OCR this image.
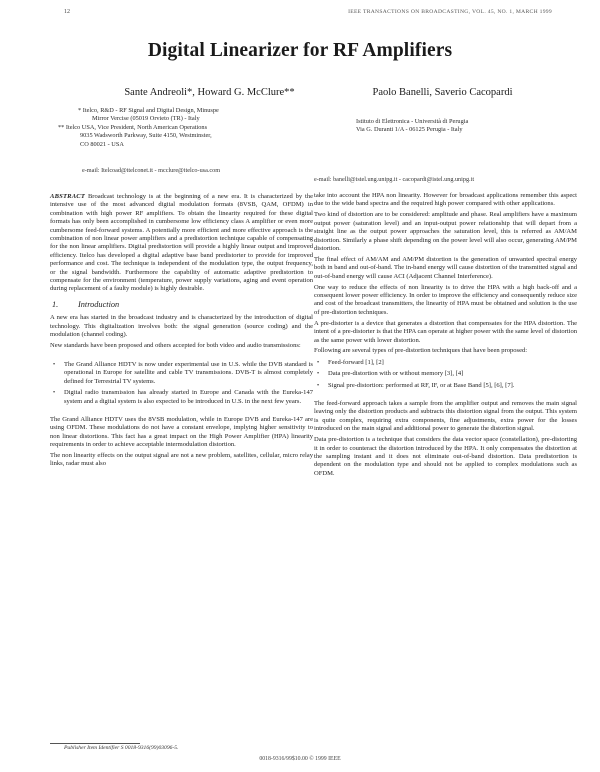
12	IEEE TRANSACTIONS ON BROADCASTING, VOL. 45, NO. 1, MARCH 1999
Digital Linearizer for RF Amplifiers
Sante Andreoli*, Howard G. McClure**	Paolo Banelli, Saverio Cacopardi
* Itelco, R&D - RF Signal and Digital Design, Minuspe
Mirror Vercise (05019 Orvieto (TR) - Italy
** Itelco USA, Vice President, North American Operations
9035 Wadsworth Parkway, Suite 4150, Westminster,
CO 80021 - USA
Istituto di Elettronica - Università di Perugia
Via G. Duranti 1/A - 06125 Perugia - Italy
e-mail: Itelcoad@itelconet.it - mcclure@itelco-usa.com
e-mail: banelli@istel.ung.unipg.it - cacopardi@istel.ung.unipg.it

ABSTRACT Broadcast technology is at the beginning of a new era. It is characterized by the intensive use of the most advanced digital modulation formats (8VSB, QAM, OFDM) in combination with high power RF amplifiers. To obtain the linearity required for these digital formats has only been accomplished in cumbersome low efficiency class A amplifier or even more cumbersome feed-forward systems. A potentially more efficient and more effective approach is the combination of non linear power amplifiers and a predistortion technique capable of compensating for the non linear amplifiers. Digital predistortion will provide a highly linear output and improved efficiency. Itelco has developed a digital adaptive base band predistorter to provide for improved performance and cost. The technique is independent of the modulation type, the output frequency, or the signal bandwidth. Furthermore the capability of automatic adaptive predistortion to compensate for the environment (temperature, power supply variations, aging and event operation during replacement of a faulty module) is highly desirable.

1. Introduction

A new era has started in the broadcast industry and is characterized by the introduction of digital technology. This digitalization involves both: the signal generation (source coding) and the modulation (channel coding).

New standards have been proposed and others accepted for both video and audio transmissions:

• The Grand Alliance HDTV is now under experimental use in U.S. while the DVB standard is operational in Europe for satellite and cable TV transmissions. DVB-T is almost completely defined for Terrestrial TV systems.
• Digital radio transmission has already started in Europe and Canada with the Eureka-147 system and a digital system is also expected to be introduced in U.S. in the next few years.

The Grand Alliance HDTV uses the 8VSB modulation, while in Europe DVB and Eureka-147 are using OFDM. These modulations do not have a constant envelope, implying higher sensitivity to non linear distortions. This fact has a great impact on the High Power Amplifier (HPA) linearity requirements in order to achieve acceptable intermodulation distortion.

The non linearity effects on the output signal are not a new problem, satellites, cellular, micro relay links, radar must also

take into account the HPA non linearity. However for broadcast applications remember this aspect due to the wide band spectra and the required high power compared with other applications.

Two kind of distortion are to be considered: amplitude and phase. Real amplifiers have a maximum output power (saturation level) and an input-output power relationship that will depart from a straight line as the output power approaches the saturation level, this is referred as AM/AM distortion. Similarly a phase shift depending on the power level will also occur, generating AM/PM distortion.

The final effect of AM/AM and AM/PM distortion is the generation of unwanted spectral energy both in band and out-of-band. The in-band energy will cause distortion of the transmitted signal and out-of-band energy will cause ACI (Adjacent Channel Interference).

One way to reduce the effects of non linearity is to drive the HPA with a high back-off and a consequent lower power efficiency. In order to improve the efficiency and consequently reduce size and cost of the broadcast transmitters, the linearity of HPA must be obtained and solution is the use of pre-distortion techniques.

A pre-distorter is a device that generates a distortion that compensates for the HPA distortion. The intent of a pre-distorter is that the HPA can operate at higher power with the same level of distortion as the same power with lower distortion.

Following are several types of pre-distortion techniques that have been proposed:

• Feed-forward [1], [2]
• Data pre-distortion with or without memory [3], [4]
• Signal pre-distortion: performed at RF, IF, or at Base Band [5], [6], [7].

The feed-forward approach takes a sample from the amplifier output and removes the main signal leaving only the distortion products and subtracts this distortion signal from the output. This system is quite complex, requiring extra components, fine adjustments, extra power for the losses introduced on the main signal and additional power to generate the distortion signal.

Data pre-distortion is a technique that considers the data vector space (constellation), pre-distorting it in order to counteract the distortion introduced by the HPA. It only compensates the distortion at the sampling instant and it does not eliminate out-of-band distortion. Data predistortion is dependent on the modulation type and should not be applied to complex modulations such as OFDM.

Publisher Item Identifier S 0018-9316(99)03096-5.
0018-9316/99$10.00 © 1999 IEEE
